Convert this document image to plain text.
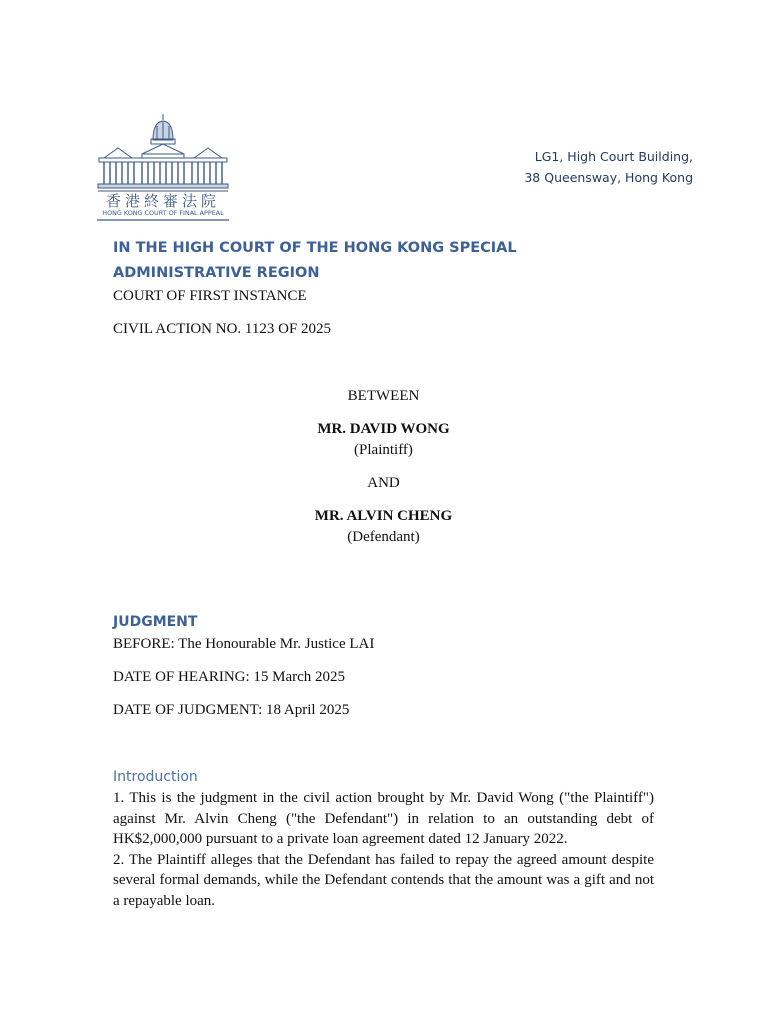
香港終審法院
HONG KONG COURT OF FINAL APPEAL
LG1, High Court Building,
38 Queensway, Hong Kong

IN THE HIGH COURT OF THE HONG KONG SPECIAL ADMINISTRATIVE REGION

COURT OF FIRST INSTANCE

CIVIL ACTION NO. 1123 OF 2025

BETWEEN

MR. DAVID WONG

(Plaintiff)

AND

MR. ALVIN CHENG

(Defendant)

JUDGMENT

BEFORE: The Honourable Mr. Justice LAI

DATE OF HEARING: 15 March 2025

DATE OF JUDGMENT: 18 April 2025

Introduction

1. This is the judgment in the civil action brought by Mr. David Wong ("the Plaintiff") against Mr. Alvin Cheng ("the Defendant") in relation to an outstanding debt of HK$2,000,000 pursuant to a private loan agreement dated 12 January 2022.

2. The Plaintiff alleges that the Defendant has failed to repay the agreed amount despite several formal demands, while the Defendant contends that the amount was a gift and not a repayable loan.
